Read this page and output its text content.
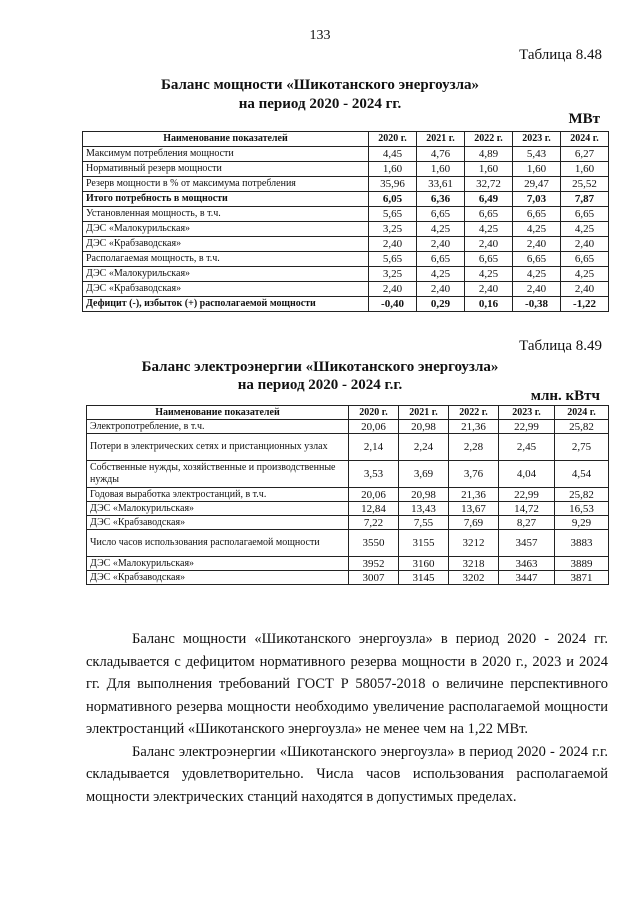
133
Таблица 8.48
Баланс мощности «Шикотанского энергоузла»
на период 2020 - 2024 гг.
МВт
Наименование показателей	2020 г.	2021 г.	2022 г.	2023 г.	2024 г.
Максимум потребления мощности	4,45	4,76	4,89	5,43	6,27
Нормативный резерв мощности	1,60	1,60	1,60	1,60	1,60
Резерв мощности в % от максимума потребления	35,96	33,61	32,72	29,47	25,52
Итого потребность в мощности	6,05	6,36	6,49	7,03	7,87
Установленная мощность, в т.ч.	5,65	6,65	6,65	6,65	6,65
ДЭС «Малокурильская»	3,25	4,25	4,25	4,25	4,25
ДЭС «Крабзаводская»	2,40	2,40	2,40	2,40	2,40
Располагаемая мощность, в т.ч.	5,65	6,65	6,65	6,65	6,65
ДЭС «Малокурильская»	3,25	4,25	4,25	4,25	4,25
ДЭС «Крабзаводская»	2,40	2,40	2,40	2,40	2,40
Дефицит (-), избыток (+) располагаемой мощности	-0,40	0,29	0,16	-0,38	-1,22
Таблица 8.49
Баланс электроэнергии «Шикотанского энергоузла»
на период 2020 - 2024 г.г.
млн. кВтч
Наименование показателей	2020 г.	2021 г.	2022 г.	2023 г.	2024 г.
Электропотребление, в т.ч.	20,06	20,98	21,36	22,99	25,82
Потери в электрических сетях и пристанционных узлах	2,14	2,24	2,28	2,45	2,75
Собственные нужды, хозяйственные и производственные нужды	3,53	3,69	3,76	4,04	4,54
Годовая выработка электростанций, в т.ч.	20,06	20,98	21,36	22,99	25,82
ДЭС «Малокурильская»	12,84	13,43	13,67	14,72	16,53
ДЭС «Крабзаводская»	7,22	7,55	7,69	8,27	9,29
Число часов использования располагаемой мощности	3550	3155	3212	3457	3883
ДЭС «Малокурильская»	3952	3160	3218	3463	3889
ДЭС «Крабзаводская»	3007	3145	3202	3447	3871

Баланс мощности «Шикотанского энергоузла» в период 2020 - 2024 гг. складывается с дефицитом нормативного резерва мощности в 2020 г., 2023 и 2024 гг. Для выполнения требований ГОСТ Р 58057-2018 о величине перспективного нормативного резерва мощности необходимо увеличение располагаемой мощности электростанций «Шикотанского энергоузла» не менее чем на 1,22 МВт.

Баланс электроэнергии «Шикотанского энергоузла» в период 2020 - 2024 г.г. складывается удовлетворительно. Числа часов использования располагаемой мощности электрических станций находятся в допустимых пределах.
